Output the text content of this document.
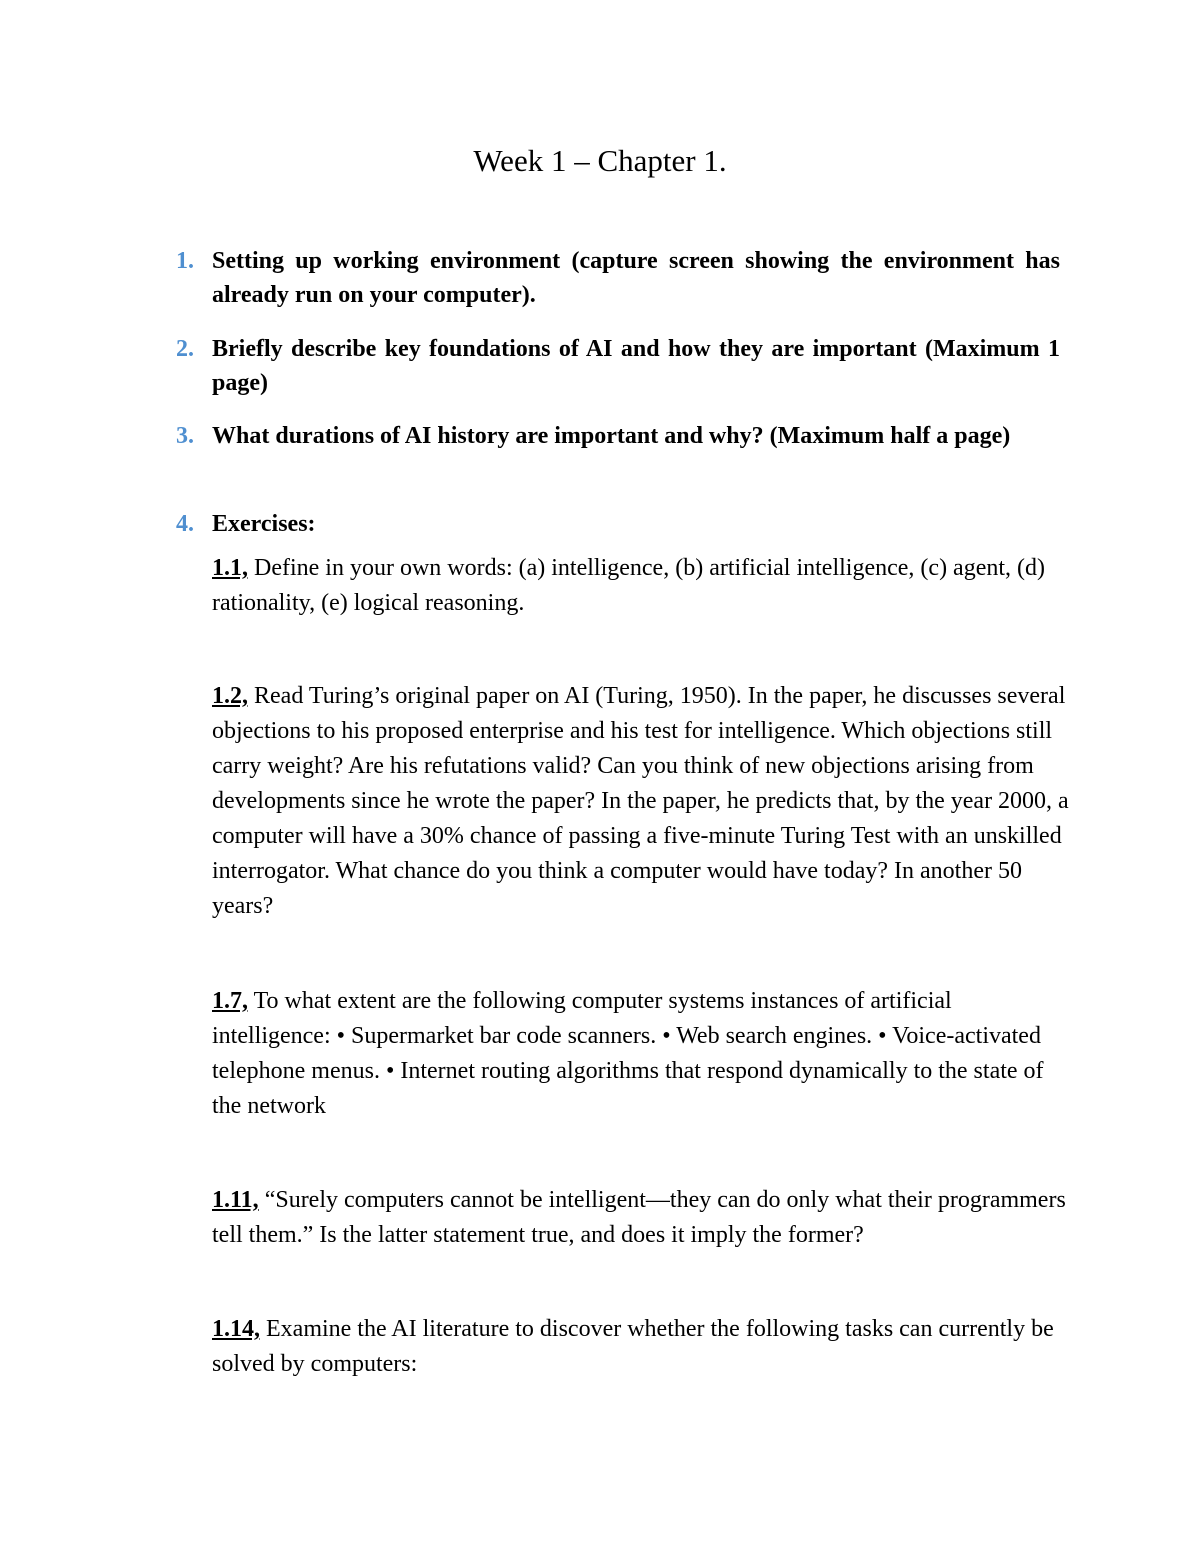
Week 1 – Chapter 1.
1. Setting up working environment (capture screen showing the environment has already run on your computer).
2. Briefly describe key foundations of AI and how they are important (Maximum 1 page)
3. What durations of AI history are important and why? (Maximum half a page)
4. Exercises:
1.1, Define in your own words: (a) intelligence, (b) artificial intelligence, (c) agent, (d) rationality, (e) logical reasoning.
1.2, Read Turing’s original paper on AI (Turing, 1950). In the paper, he discusses several objections to his proposed enterprise and his test for intelligence. Which objections still carry weight? Are his refutations valid? Can you think of new objections arising from developments since he wrote the paper? In the paper, he predicts that, by the year 2000, a computer will have a 30% chance of passing a five-minute Turing Test with an unskilled interrogator. What chance do you think a computer would have today? In another 50 years?
1.7, To what extent are the following computer systems instances of artificial intelligence: • Supermarket bar code scanners. • Web search engines. • Voice-activated telephone menus. • Internet routing algorithms that respond dynamically to the state of the network
1.11, “Surely computers cannot be intelligent—they can do only what their programmers tell them.” Is the latter statement true, and does it imply the former?
1.14, Examine the AI literature to discover whether the following tasks can currently be solved by computers:
